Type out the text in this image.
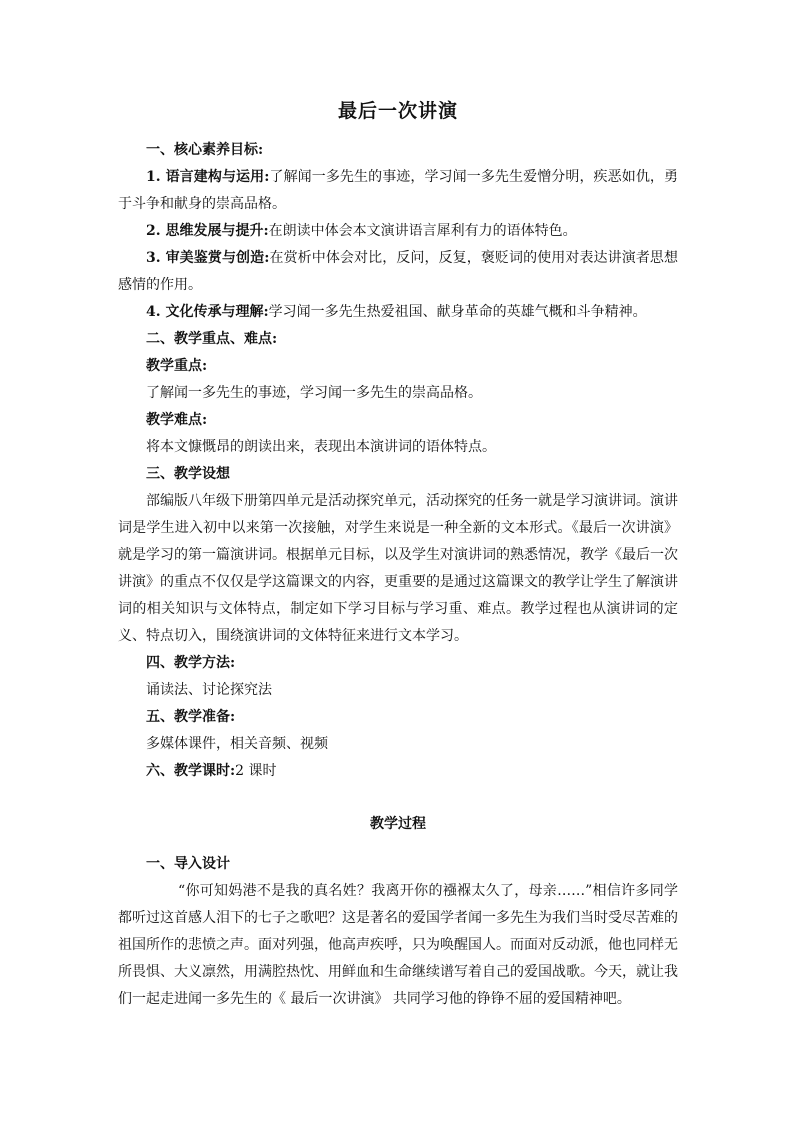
最后一次讲演

一、核心素养目标:

1. 语言建构与运用:了解闻一多先生的事迹，学习闻一多先生爱憎分明，疾恶如仇，勇于斗争和献身的崇高品格。

2. 思维发展与提升:在朗读中体会本文演讲语言犀利有力的语体特色。

3. 审美鉴赏与创造:在赏析中体会对比，反问，反复，褒贬词的使用对表达讲演者思想感情的作用。

4. 文化传承与理解:学习闻一多先生热爱祖国、献身革命的英雄气概和斗争精神。

二、教学重点、难点:

教学重点:

了解闻一多先生的事迹，学习闻一多先生的崇高品格。

教学难点:

将本文慷慨昂的朗读出来，表现出本演讲词的语体特点。

三、教学设想

部编版八年级下册第四单元是活动探究单元，活动探究的任务一就是学习演讲词。演讲词是学生进入初中以来第一次接触，对学生来说是一种全新的文本形式。《最后一次讲演》就是学习的第一篇演讲词。根据单元目标，以及学生对演讲词的熟悉情况，教学《最后一次讲演》的重点不仅仅是学这篇课文的内容，更重要的是通过这篇课文的教学让学生了解演讲词的相关知识与文体特点，制定如下学习目标与学习重、难点。教学过程也从演讲词的定义、特点切入，围绕演讲词的文体特征来进行文本学习。

四、教学方法:

诵读法、讨论探究法

五、教学准备:

多媒体课件，相关音频、视频

六、教学课时:2 课时

教学过程

一、导入设计

“你可知妈港不是我的真名姓？我离开你的襁褓太久了，母亲……”相信许多同学都听过这首感人泪下的七子之歌吧？这是著名的爱国学者闻一多先生为我们当时受尽苦难的祖国所作的悲愤之声。面对列强，他高声疾呼，只为唤醒国人。而面对反动派，他也同样无所畏惧、大义凛然，用满腔热忱、用鲜血和生命继续谱写着自己的爱国战歌。今天，就让我们一起走进闻一多先生的《 最后一次讲演》 共同学习他的铮铮不屈的爱国精神吧。
